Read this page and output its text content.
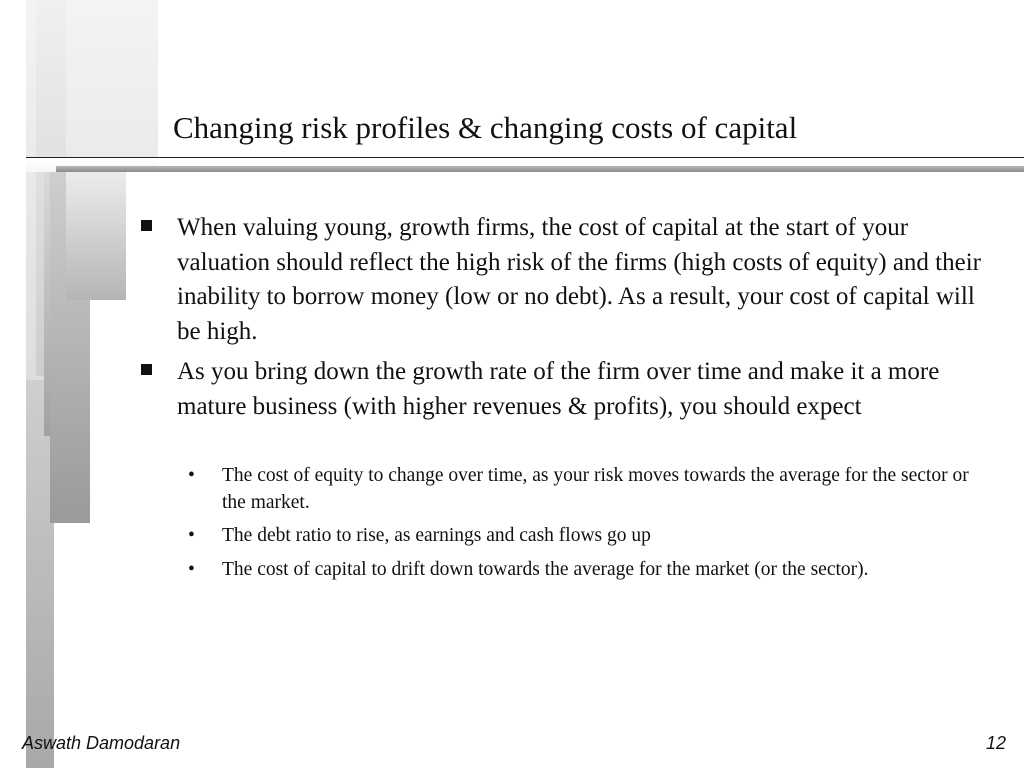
Changing risk profiles & changing costs of capital
When valuing young, growth firms, the cost of capital at the start of your valuation should reflect the high risk of the firms (high costs of equity) and their inability to borrow money (low or no debt). As a result, your cost of capital will be high.
As you bring down the growth rate of the firm over time and make it a more mature business (with higher revenues & profits), you should expect
• The cost of equity to change over time, as your risk moves towards the average for the sector or the market.
• The debt ratio to rise, as earnings and cash flows go up
• The cost of capital to drift down towards the average for the market (or the sector).
Aswath Damodaran	12
